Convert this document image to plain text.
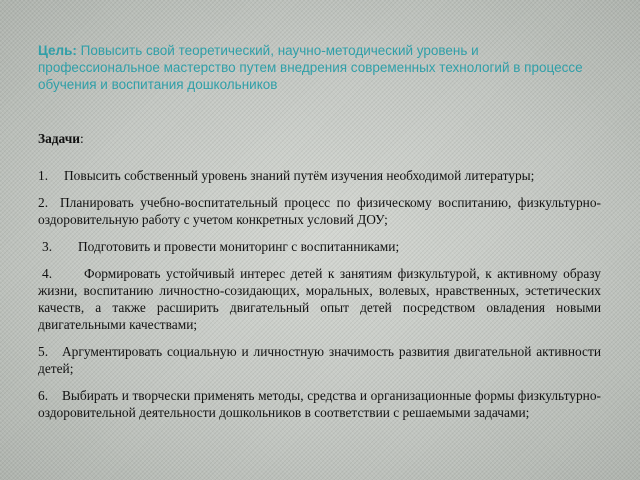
Цель: Повысить свой теоретический, научно-методический уровень и профессиональное мастерство путем внедрения современных технологий в процессе обучения и воспитания дошкольников

Задачи:

1. Повысить собственный уровень знаний путём изучения необходимой литературы;

2. Планировать учебно-воспитательный процесс по физическому воспитанию, физкультурно-оздоровительную работу с учетом конкретных условий ДОУ;

3. Подготовить и провести мониторинг с воспитанниками;

4. Формировать устойчивый интерес детей к занятиям физкультурой, к активному образу жизни, воспитанию личностно-созидающих, моральных, волевых, нравственных, эстетических качеств, а также расширить двигательный опыт детей посредством овладения новыми двигательными качествами;

5. Аргументировать социальную и личностную значимость развития двигательной активности детей;

6. Выбирать и творчески применять методы, средства и организационные формы физкультурно-оздоровительной деятельности дошкольников в соответствии с решаемыми задачами;
